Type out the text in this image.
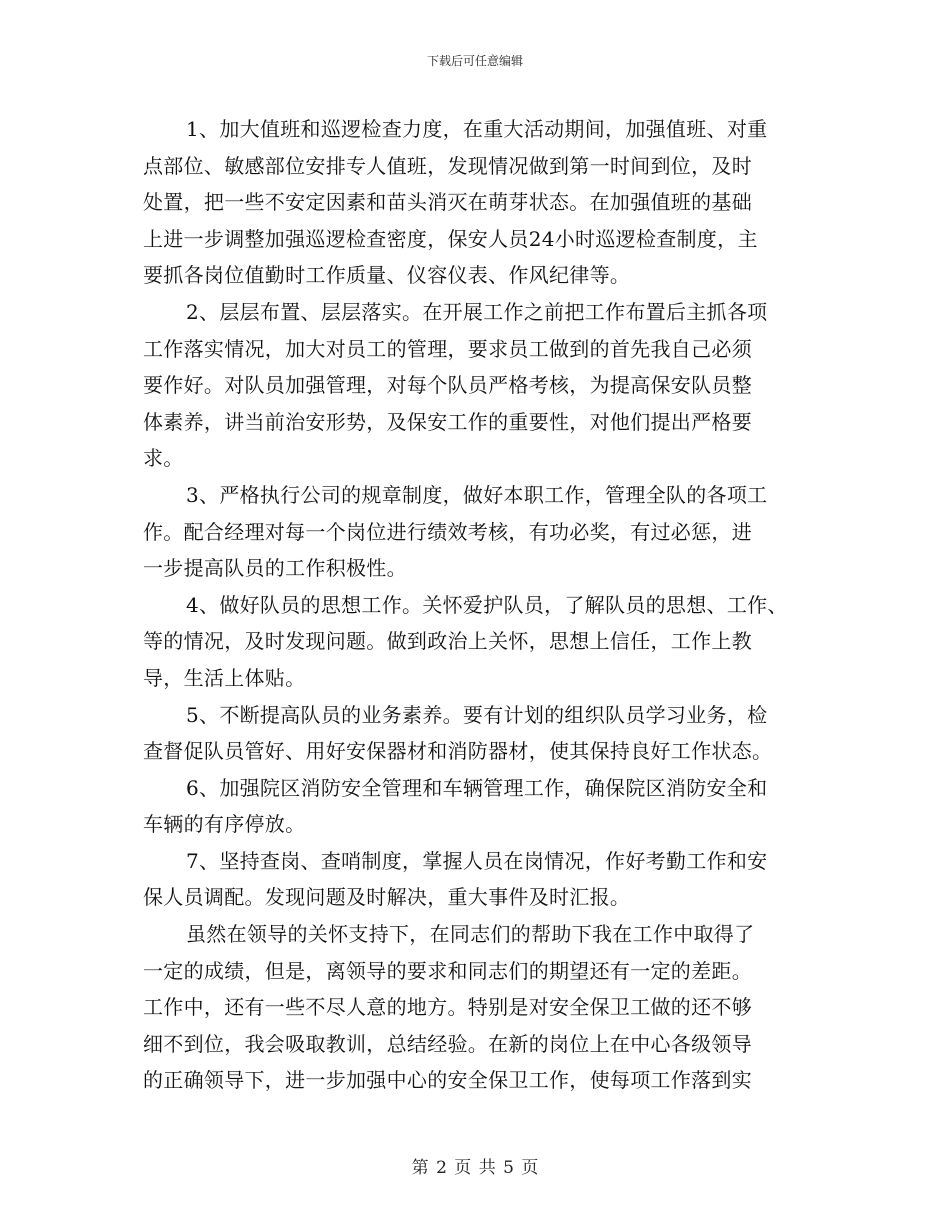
下载后可任意编辑
1、加大值班和巡逻检查力度，在重大活动期间，加强值班、对重
点部位、敏感部位安排专人值班，发现情况做到第一时间到位，及时
处置，把一些不安定因素和苗头消灭在萌芽状态。在加强值班的基础
上进一步调整加强巡逻检查密度，保安人员24小时巡逻检查制度，主
要抓各岗位值勤时工作质量、仪容仪表、作风纪律等。
2、层层布置、层层落实。在开展工作之前把工作布置后主抓各项
工作落实情况，加大对员工的管理，要求员工做到的首先我自己必须
要作好。对队员加强管理，对每个队员严格考核，为提高保安队员整
体素养，讲当前治安形势，及保安工作的重要性，对他们提出严格要
求。
3、严格执行公司的规章制度，做好本职工作，管理全队的各项工
作。配合经理对每一个岗位进行绩效考核，有功必奖，有过必惩，进
一步提高队员的工作积极性。
4、做好队员的思想工作。关怀爱护队员，了解队员的思想、工作、
等的情况，及时发现问题。做到政治上关怀，思想上信任，工作上教
导，生活上体贴。
5、不断提高队员的业务素养。要有计划的组织队员学习业务，检
查督促队员管好、用好安保器材和消防器材，使其保持良好工作状态。
6、加强院区消防安全管理和车辆管理工作，确保院区消防安全和
车辆的有序停放。
7、坚持查岗、查哨制度，掌握人员在岗情况，作好考勤工作和安
保人员调配。发现问题及时解决，重大事件及时汇报。
虽然在领导的关怀支持下，在同志们的帮助下我在工作中取得了
一定的成绩，但是，离领导的要求和同志们的期望还有一定的差距。
工作中，还有一些不尽人意的地方。特别是对安全保卫工做的还不够
细不到位，我会吸取教训，总结经验。在新的岗位上在中心各级领导
的正确领导下，进一步加强中心的安全保卫工作，使每项工作落到实
第 2 页 共 5 页
